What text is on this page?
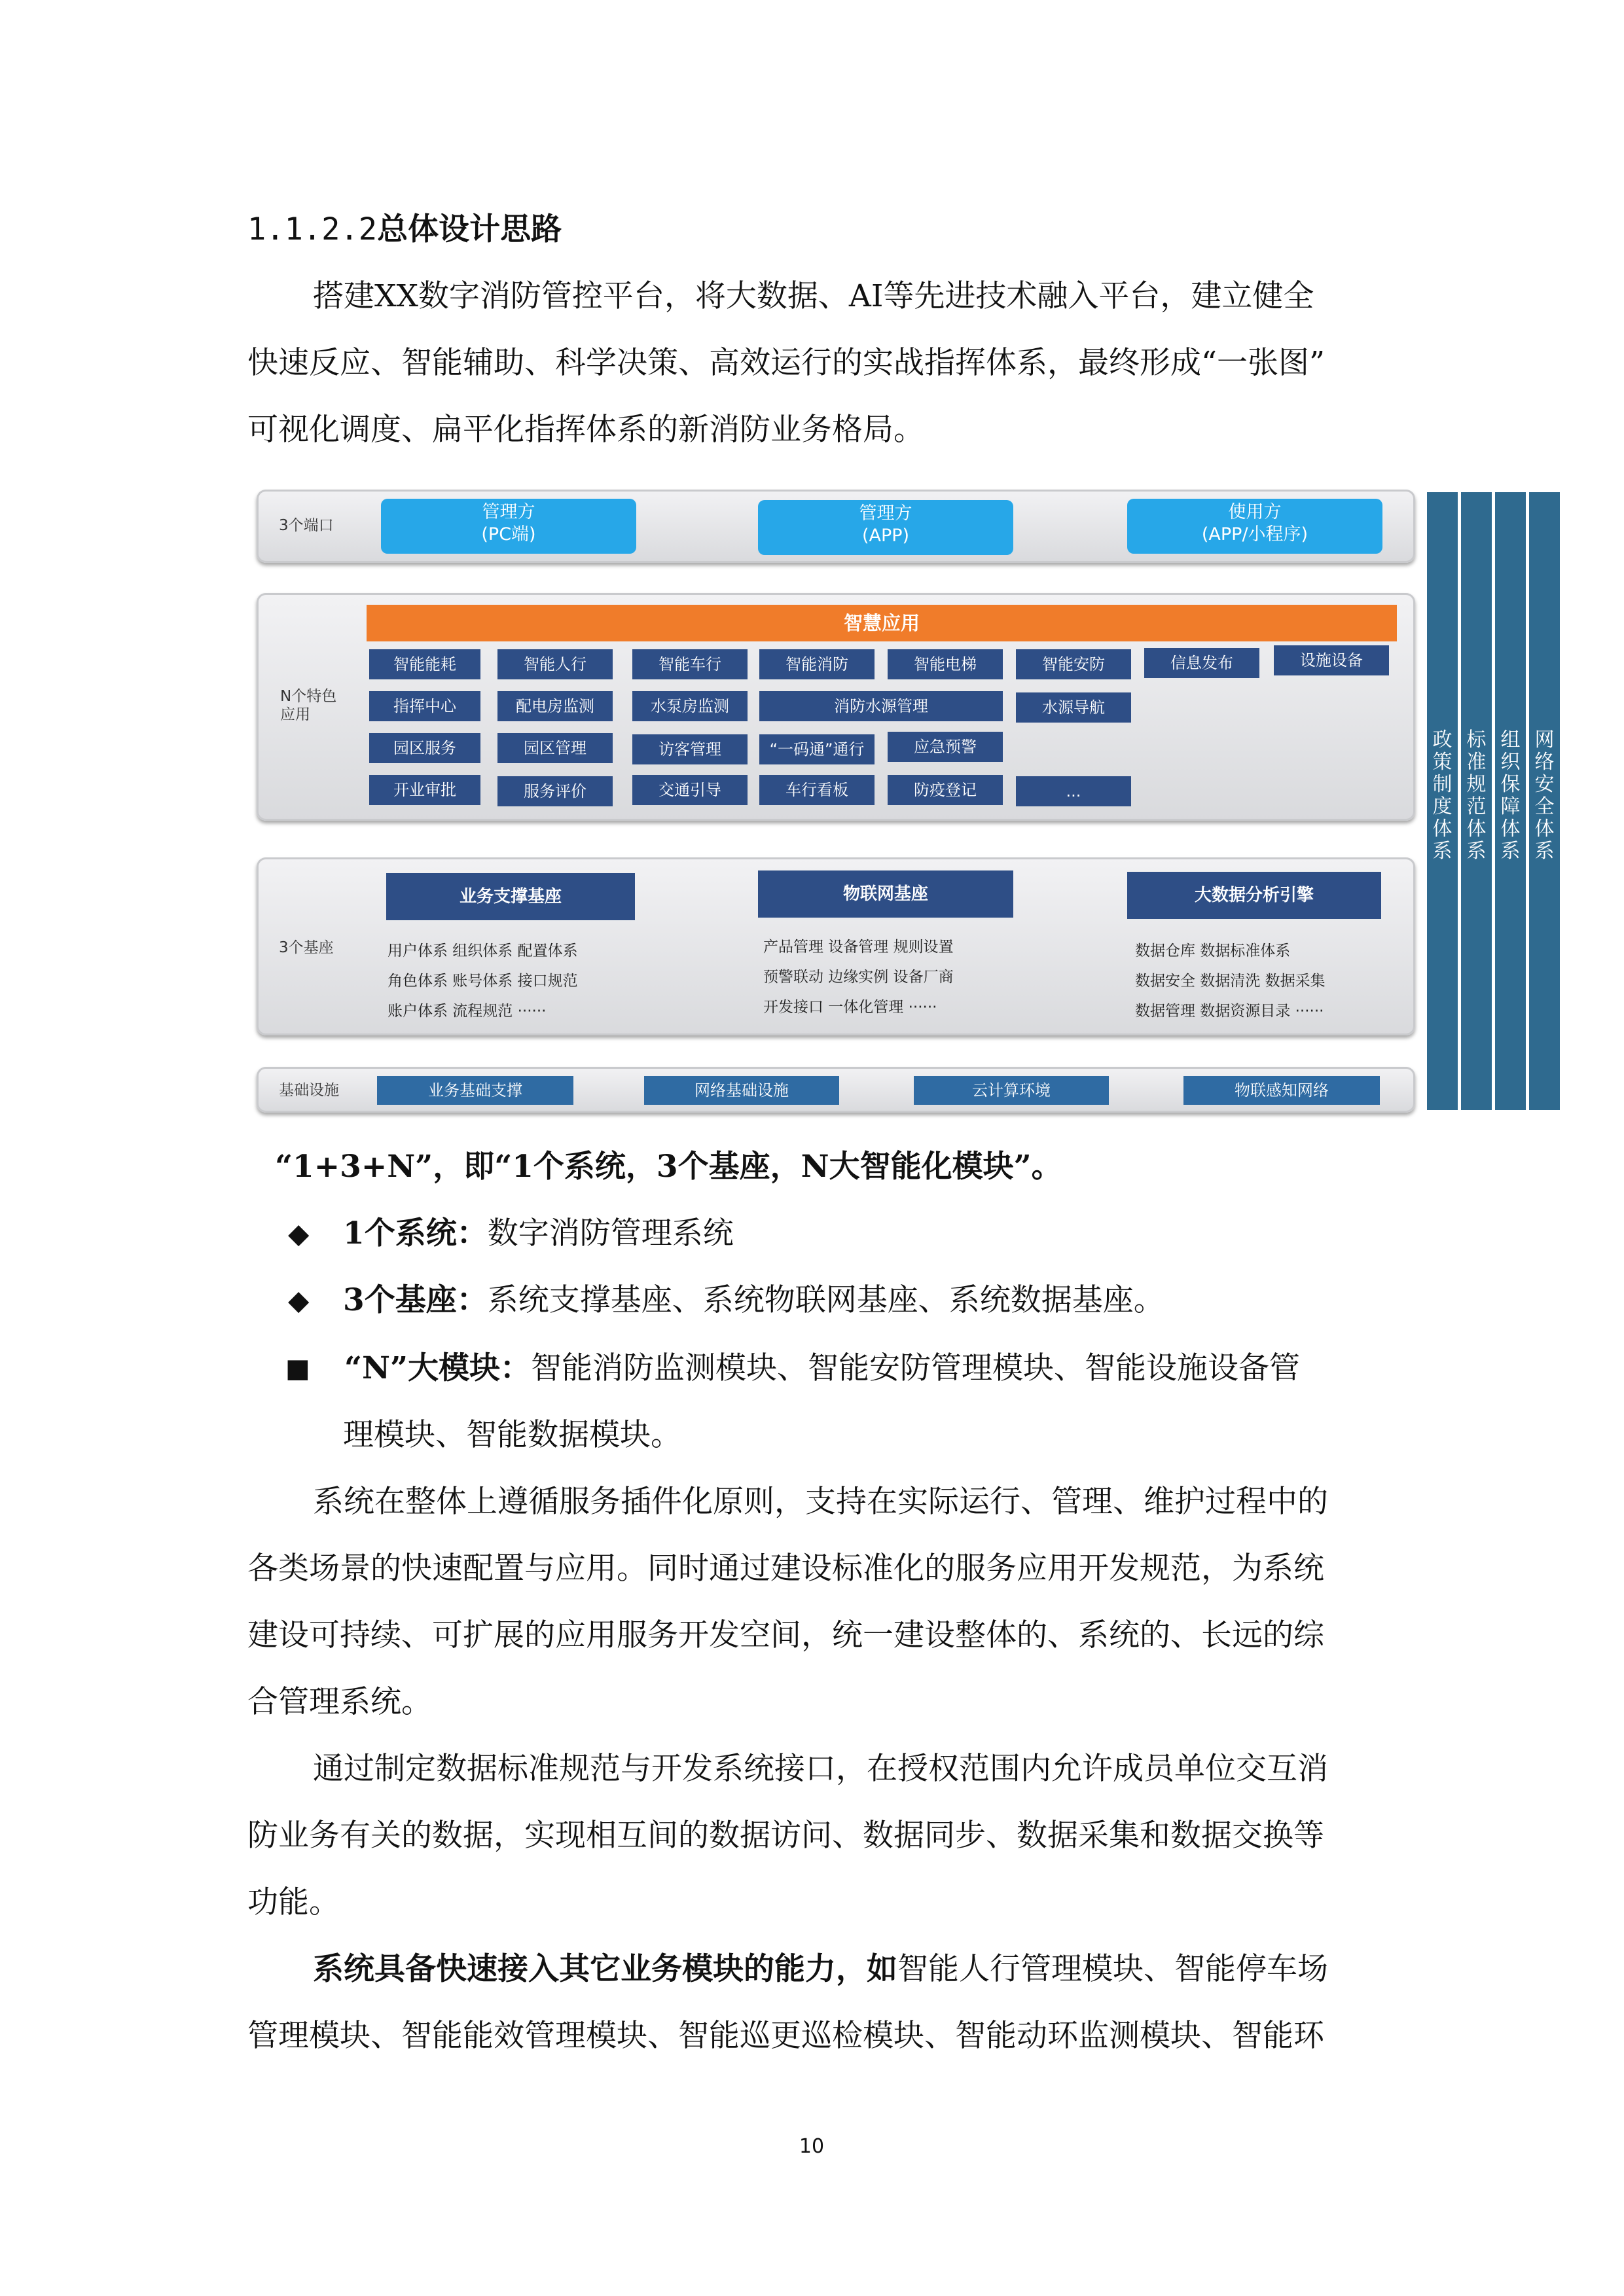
1.1.2.2总体设计思路
搭建XX数字消防管控平台，将大数据、AI等先进技术融入平台，建立健全
快速反应、智能辅助、科学决策、高效运行的实战指挥体系，最终形成“一张图”
可视化调度、扁平化指挥体系的新消防业务格局。
3个端口
管理方
(PC端)
管理方
(APP)
使用方
(APP/小程序)
N个特色
应用
智慧应用
智能能耗	智能人行	智能车行	智能消防	智能电梯	智能安防	信息发布	设施设备
指挥中心	配电房监测	水泵房监测	消防水源管理	水源导航
园区服务	园区管理	访客管理	“一码通”通行	应急预警
开业审批	服务评价	交通引导	车行看板	防疫登记	...
3个基座
业务支撑基座
用户体系 组织体系 配置体系
角色体系 账号体系 接口规范
账户体系 流程规范 ······
物联网基座
产品管理 设备管理 规则设置
预警联动 边缘实例 设备厂商
开发接口 一体化管理 ······
大数据分析引擎
数据仓库 数据标准体系
数据安全 数据清洗 数据采集
数据管理 数据资源目录 ······
基础设施	业务基础支撑	网络基础设施	云计算环境	物联感知网络
政
策
制
度
体
系
标
准
规
范
体
系
组
织
保
障
体
系
网
络
安
全
体
系
“1+3+N”，即“1个系统，3个基座，N大智能化模块”。
◆ 1个系统：数字消防管理系统
◆ 3个基座：系统支撑基座、系统物联网基座、系统数据基座。
■ “N”大模块：智能消防监测模块、智能安防管理模块、智能设施设备管
理模块、智能数据模块。
系统在整体上遵循服务插件化原则，支持在实际运行、管理、维护过程中的
各类场景的快速配置与应用。同时通过建设标准化的服务应用开发规范，为系统
建设可持续、可扩展的应用服务开发空间，统一建设整体的、系统的、长远的综
合管理系统。
通过制定数据标准规范与开发系统接口，在授权范围内允许成员单位交互消
防业务有关的数据，实现相互间的数据访问、数据同步、数据采集和数据交换等
功能。
系统具备快速接入其它业务模块的能力，如智能人行管理模块、智能停车场
管理模块、智能能效管理模块、智能巡更巡检模块、智能动环监测模块、智能环
10
